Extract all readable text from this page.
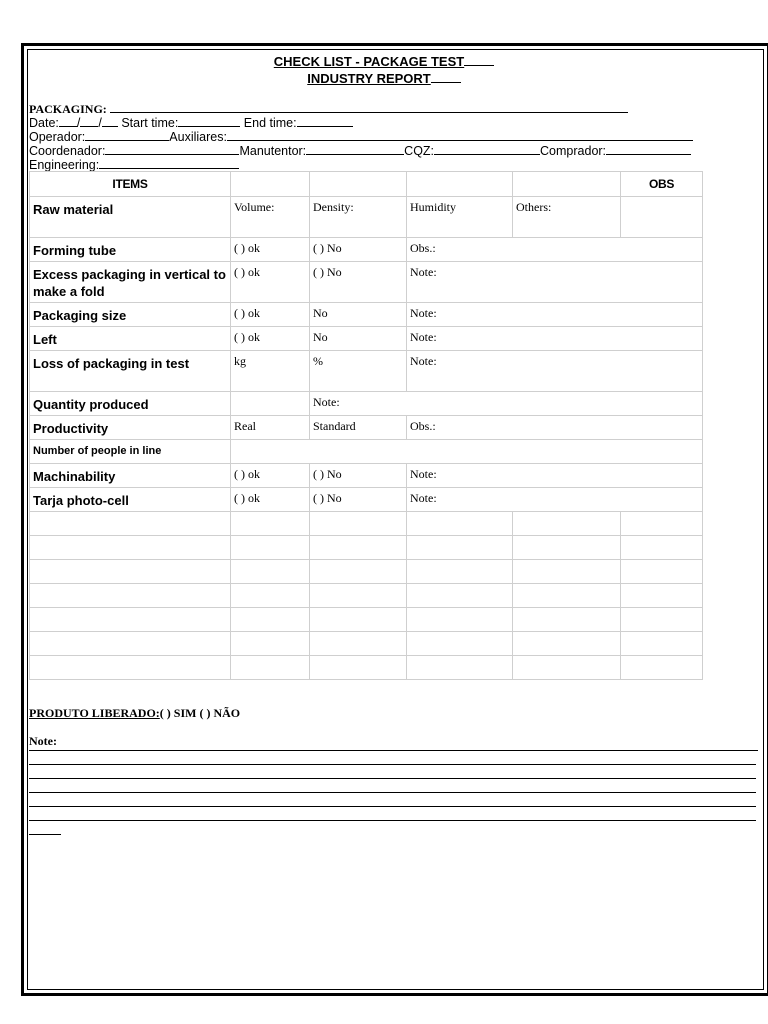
CHECK LIST - PACKAGE TEST
INDUSTRY REPORT
PACKAGING:
Date: / / Start time:	End time:
Operador:	Auxiliares:
Coordenador:	Manutentor:	CQZ:	Comprador:
Engineering:
ITEMS					OBS
Raw material	Volume:	Density:	Humidity	Others:	
Forming tube	( ) ok	( ) No	Obs.:		
Excess packaging in vertical to make a fold	( ) ok	( ) No	Note:		
Packaging size	( ) ok	No	Note:		
Left	( ) ok	No	Note:		
Loss of packaging in test	kg	%	Note:		
Quantity produced		Note:			
Productivity	Real	Standard	Obs.:		
Number of people in line					
Machinability	( ) ok	( ) No	Note:		
Tarja photo-cell	( ) ok	( ) No	Note:		

PRODUTO LIBERADO:( ) SIM ( ) NÃO
Note:
